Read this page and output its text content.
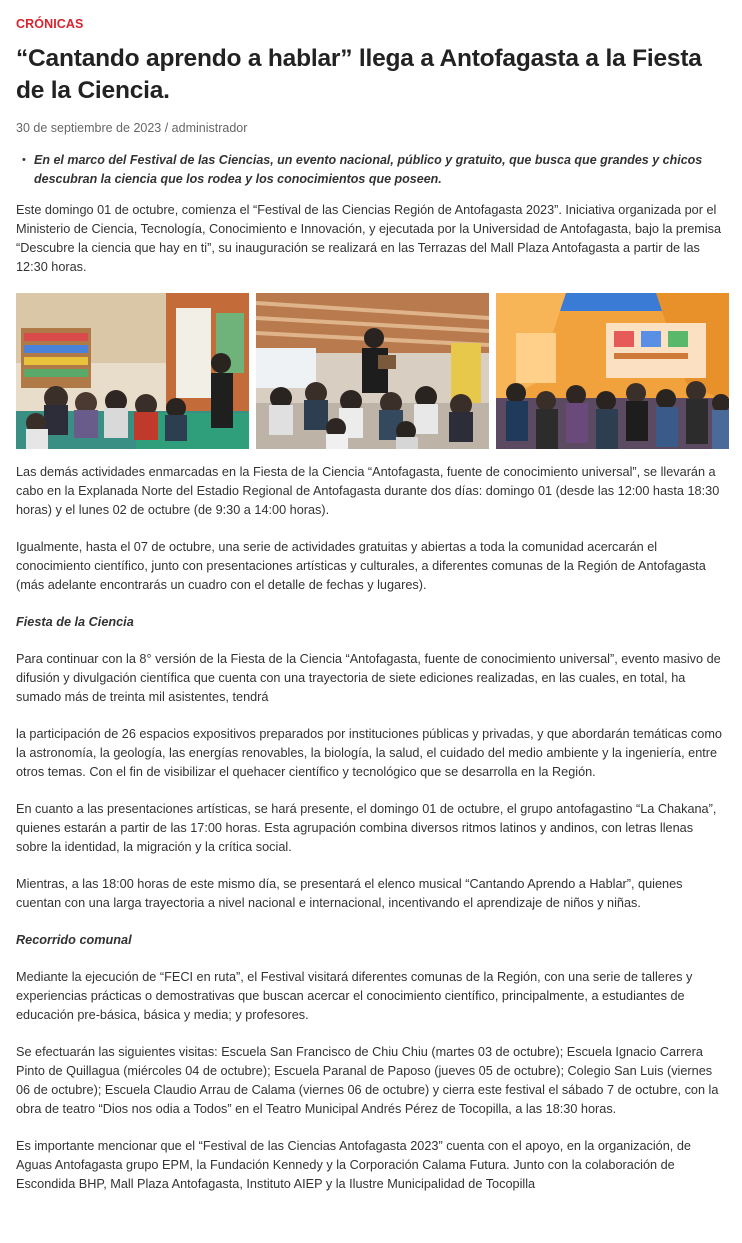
CRÓNICAS
“Cantando aprendo a hablar” llega a Antofagasta a la Fiesta de la Ciencia.
30 de septiembre de 2023 / administrador
• En el marco del Festival de las Ciencias, un evento nacional, público y gratuito, que busca que grandes y chicos descubran la ciencia que los rodea y los conocimientos que poseen.

Este domingo 01 de octubre, comienza el “Festival de las Ciencias Región de Antofagasta 2023”. Iniciativa organizada por el Ministerio de Ciencia, Tecnología, Conocimiento e Innovación, y ejecutada por la Universidad de Antofagasta, bajo la premisa “Descubre la ciencia que hay en ti”, su inauguración se realizará en las Terrazas del Mall Plaza Antofagasta a partir de las 12:30 horas.

Las demás actividades enmarcadas en la Fiesta de la Ciencia “Antofagasta, fuente de conocimiento universal”, se llevarán a cabo en la Explanada Norte del Estadio Regional de Antofagasta durante dos días: domingo 01 (desde las 12:00 hasta 18:30 horas) y el lunes 02 de octubre (de 9:30 a 14:00 horas).

Igualmente, hasta el 07 de octubre, una serie de actividades gratuitas y abiertas a toda la comunidad acercarán el conocimiento científico, junto con presentaciones artísticas y culturales, a diferentes comunas de la Región de Antofagasta (más adelante encontrarás un cuadro con el detalle de fechas y lugares).

Fiesta de la Ciencia

Para continuar con la 8° versión de la Fiesta de la Ciencia “Antofagasta, fuente de conocimiento universal”, evento masivo de difusión y divulgación científica que cuenta con una trayectoria de siete ediciones realizadas, en las cuales, en total, ha sumado más de treinta mil asistentes, tendrá

la participación de 26 espacios expositivos preparados por instituciones públicas y privadas, y que abordarán temáticas como la astronomía, la geología, las energías renovables, la biología, la salud, el cuidado del medio ambiente y la ingeniería, entre otros temas. Con el fin de visibilizar el quehacer científico y tecnológico que se desarrolla en la Región.

En cuanto a las presentaciones artísticas, se hará presente, el domingo 01 de octubre, el grupo antofagastino “La Chakana”, quienes estarán a partir de las 17:00 horas. Esta agrupación combina diversos ritmos latinos y andinos, con letras llenas sobre la identidad, la migración y la crítica social.

Mientras, a las 18:00 horas de este mismo día, se presentará el elenco musical “Cantando Aprendo a Hablar”, quienes cuentan con una larga trayectoria a nivel nacional e internacional, incentivando el aprendizaje de niños y niñas.

Recorrido comunal

Mediante la ejecución de “FECI en ruta”, el Festival visitará diferentes comunas de la Región, con una serie de talleres y experiencias prácticas o demostrativas que buscan acercar el conocimiento científico, principalmente, a estudiantes de educación pre-básica, básica y media; y profesores.

Se efectuarán las siguientes visitas: Escuela San Francisco de Chiu Chiu (martes 03 de octubre); Escuela Ignacio Carrera Pinto de Quillagua (miércoles 04 de octubre); Escuela Paranal de Paposo (jueves 05 de octubre); Colegio San Luis (viernes 06 de octubre); Escuela Claudio Arrau de Calama (viernes 06 de octubre) y cierra este festival el sábado 7 de octubre, con la obra de teatro “Dios nos odia a Todos” en el Teatro Municipal Andrés Pérez de Tocopilla, a las 18:30 horas.

Es importante mencionar que el “Festival de las Ciencias Antofagasta 2023” cuenta con el apoyo, en la organización, de Aguas Antofagasta grupo EPM, la Fundación Kennedy y la Corporación Calama Futura. Junto con la colaboración de Escondida BHP, Mall Plaza Antofagasta, Instituto AIEP y la Ilustre Municipalidad de Tocopilla
